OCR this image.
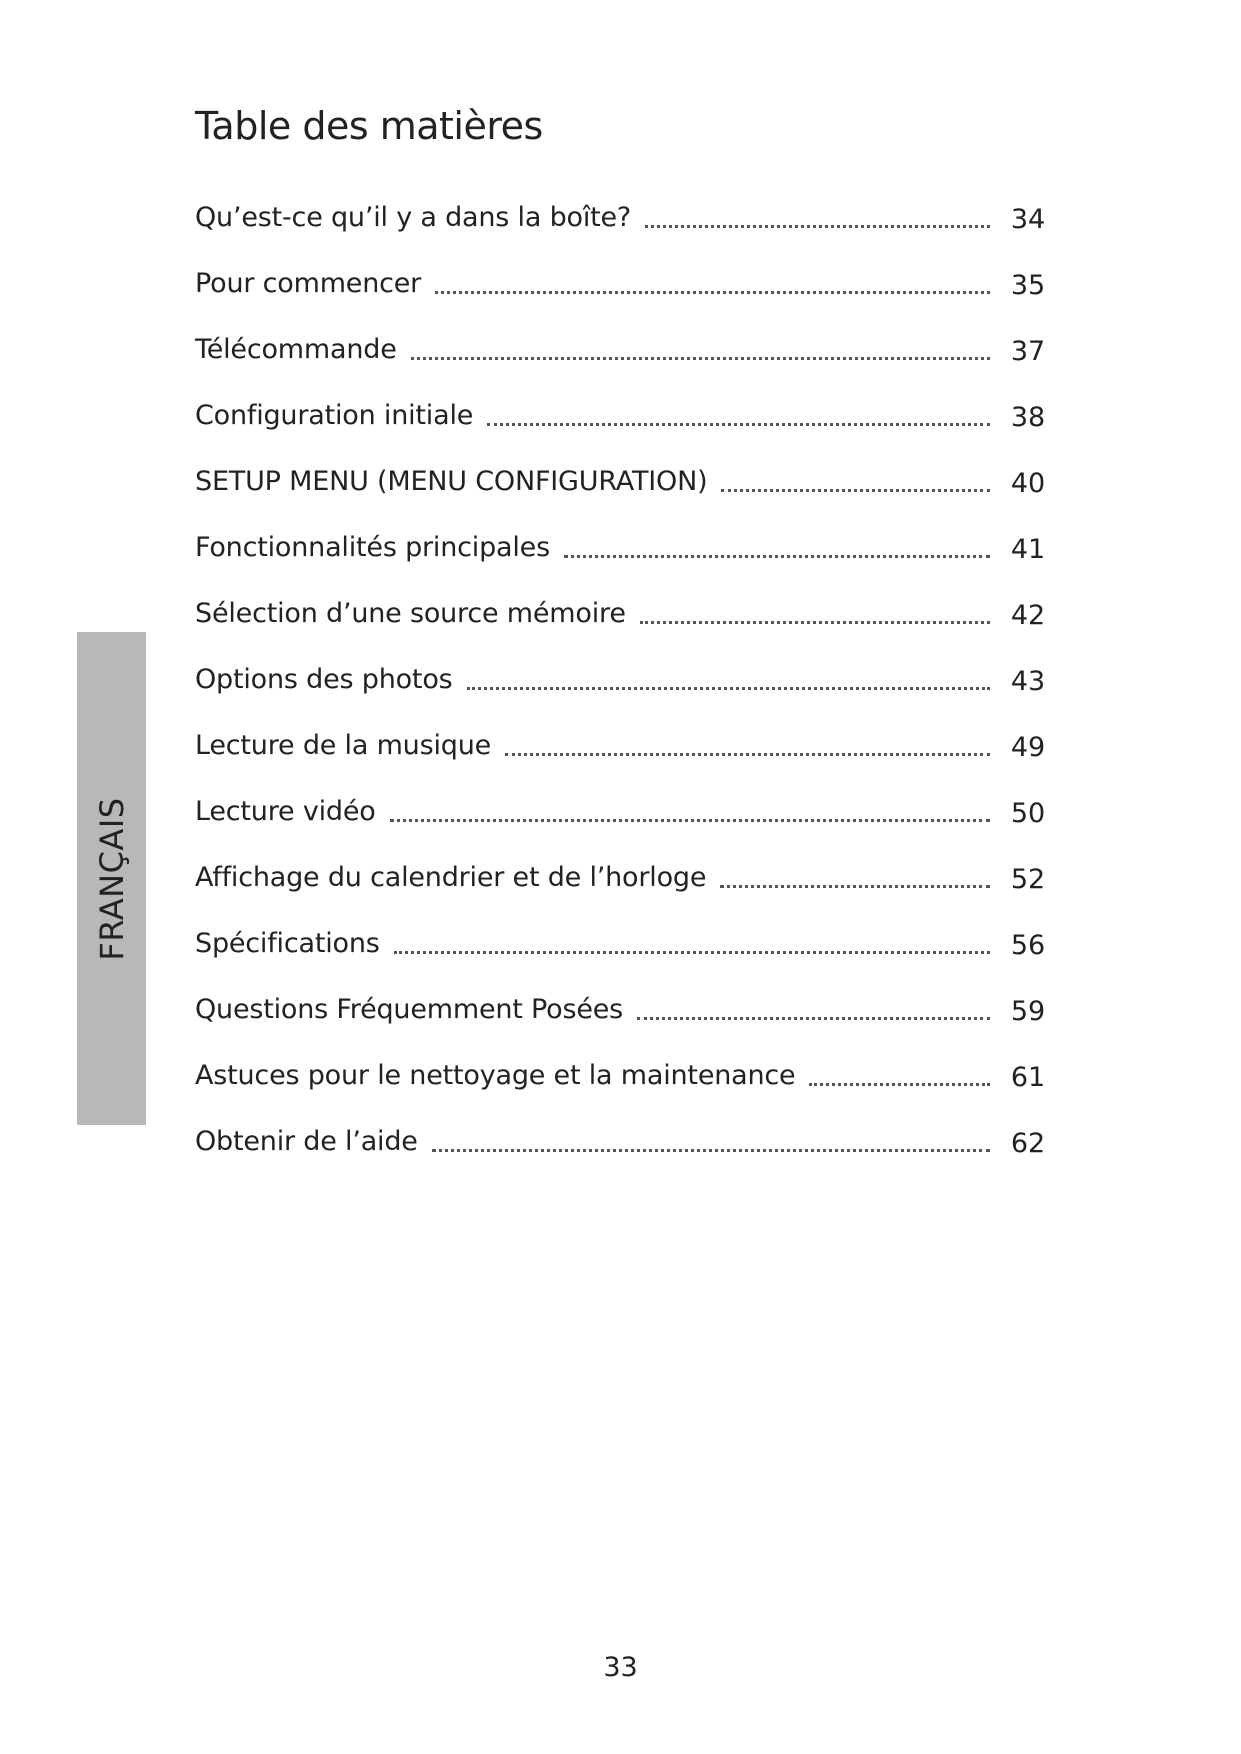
Table des matières
FRANÇAIS
Qu’est-ce qu’il y a dans la boîte?	34
Pour commencer	35
Télécommande	37
Configuration initiale	38
SETUP MENU (MENU CONFIGURATION)	40
Fonctionnalités principales	41
Sélection d’une source mémoire	42
Options des photos	43
Lecture de la musique	49
Lecture vidéo	50
Affichage du calendrier et de l’horloge	52
Spécifications	56
Questions Fréquemment Posées	59
Astuces pour le nettoyage et la maintenance	61
Obtenir de l’aide	62
33
